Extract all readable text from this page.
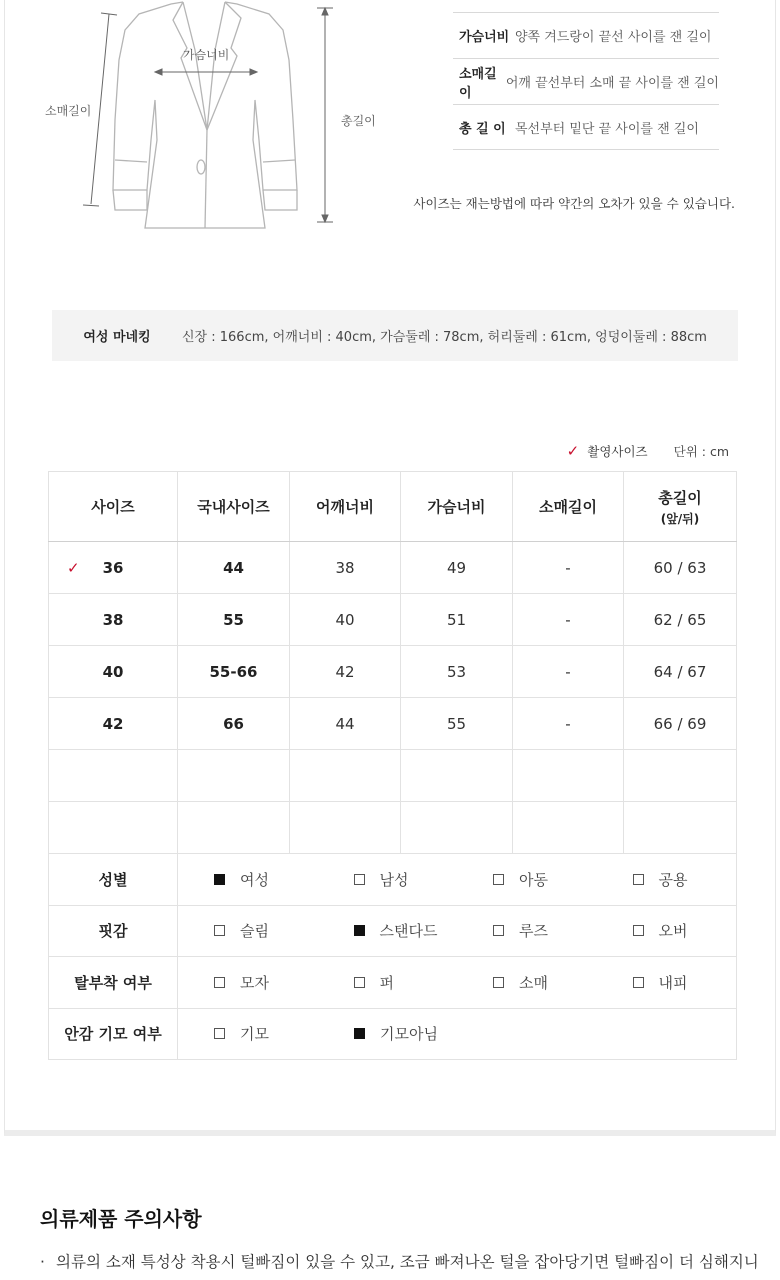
소매길이
가슴너비
총길이
가슴너비 양쪽 겨드랑이 끝선 사이를 잰 길이
소매길이
어깨 끝선부터 소매 끝 사이를 잰 길이
총 길 이 목선부터 밑단 끝 사이를 잰 길이
사이즈는 재는방법에 따라 약간의 오차가 있을 수 있습니다.
여성 마네킹	신장 : 166cm, 어깨너비 : 40cm, 가슴둘레 : 78cm, 허리둘레 : 61cm, 엉덩이둘레 : 88cm
✓ 촬영사이즈 단위 : cm
사이즈	국내사이즈	어깨너비	가슴너비	소매길이	총길이
(앞/뒤)

✓ 36	44	38	49	-	60 / 63
38	55	40	51	-	62 / 65
40	55-66	42	53	-	64 / 67
42	66	44	55	-	66 / 69

성별	여성 남성 아동 공용				

핏감	슬림 스탠다드 루즈 오버				

탈부착 여부	모자 퍼 소매 내피				

안감 기모 여부	기모 기모아님				
의류제품 주의사항
· 의류의 소재 특성상 착용시 털빠짐이 있을 수 있고, 조금 빠져나온 털을 잡아당기면 털빠짐이 더 심해지니
